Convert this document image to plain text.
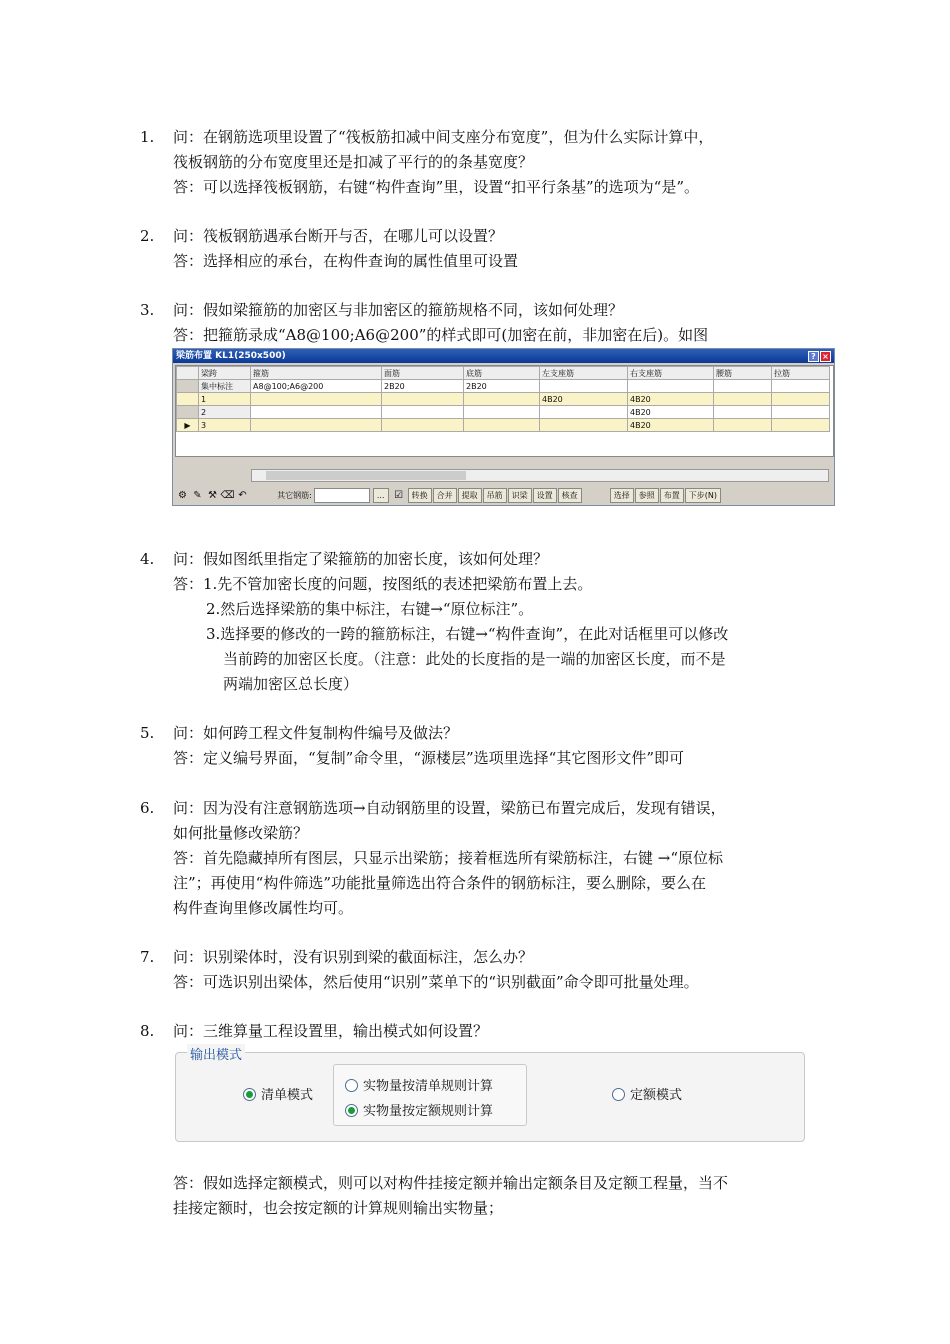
1.	问：在钢筋选项里设置了“筏板筋扣减中间支座分布宽度”，但为什么实际计算中，
筏板钢筋的分布宽度里还是扣减了平行的的条基宽度？
答：可以选择筏板钢筋，右键“构件查询”里，设置“扣平行条基”的选项为“是”。
2.	问：筏板钢筋遇承台断开与否，在哪儿可以设置？
答：选择相应的承台，在构件查询的属性值里可设置
3.	问：假如梁箍筋的加密区与非加密区的箍筋规格不同，该如何处理？
答：把箍筋录成“A8@100;A6@200”的样式即可(加密在前，非加密在后)。如图
梁筋布置 KL1(250x500)	? ×
	梁跨	箍筋	面筋	底筋	左支座筋	右支座筋	腰筋	拉筋
	集中标注	A8@100;A6@200	2B20	2B20				
	1				4B20	4B20		
	2					4B20		
▶	3					4B20		
⚙ ✎ ⚒ ⌫ ↶	其它钢筋:	... ☑ 转换 合并 提取 吊筋 识梁 设置 核查	选择 参照 布置 下步(N)
4.	问：假如图纸里指定了梁箍筋的加密长度，该如何处理？
答：1.先不管加密长度的问题，按图纸的表述把梁筋布置上去。
2.然后选择梁筋的集中标注，右键→“原位标注”。
3.选择要的修改的一跨的箍筋标注，右键→“构件查询”，在此对话框里可以修改
当前跨的加密区长度。（注意：此处的长度指的是一端的加密区长度，而不是
两端加密区总长度）
5.	问：如何跨工程文件复制构件编号及做法？
答：定义编号界面，“复制”命令里，“源楼层”选项里选择“其它图形文件”即可
6.	问：因为没有注意钢筋选项→自动钢筋里的设置，梁筋已布置完成后，发现有错误，
如何批量修改梁筋？
答：首先隐藏掉所有图层，只显示出梁筋；接着框选所有梁筋标注，右键 →“原位标
注”；再使用“构件筛选”功能批量筛选出符合条件的钢筋标注，要么删除，要么在
构件查询里修改属性均可。
7.	问：识别梁体时，没有识别到梁的截面标注，怎么办？
答：可选识别出梁体，然后使用“识别”菜单下的“识别截面”命令即可批量处理。
8.	问：三维算量工程设置里，输出模式如何设置？
输出模式
清单模式
实物量按清单规则计算
实物量按定额规则计算
定额模式
答：假如选择定额模式，则可以对构件挂接定额并输出定额条目及定额工程量，当不
挂接定额时，也会按定额的计算规则输出实物量；
